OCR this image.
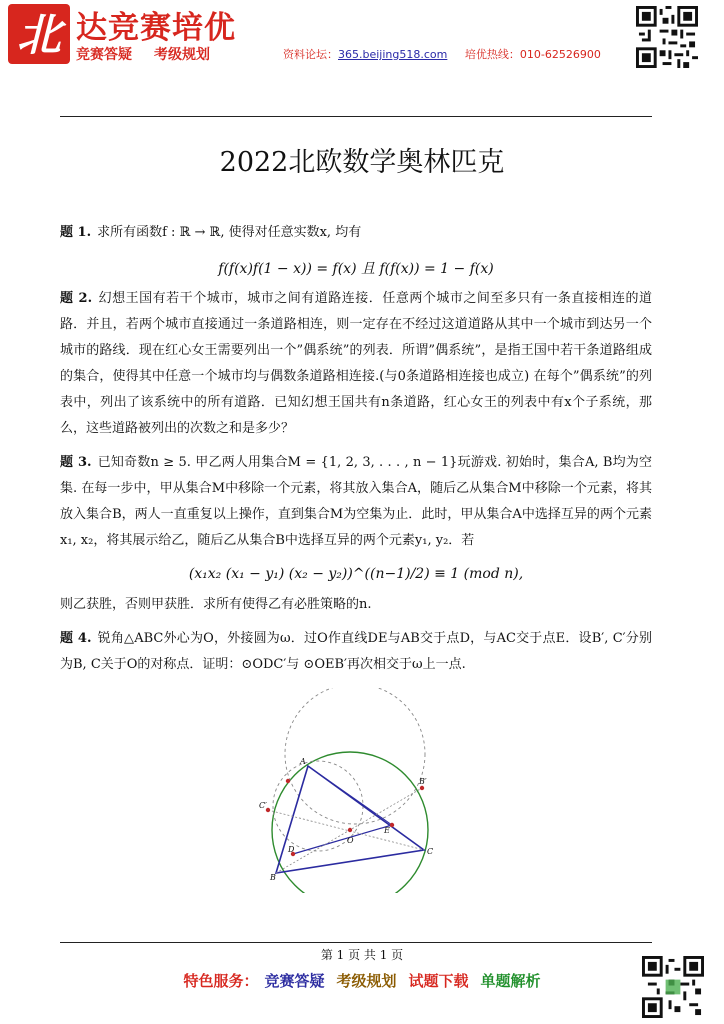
北 达竞赛培优
竞赛答疑 考级规划	资料论坛：365.beijing518.com 培优热线：010-62526900
2022北欧数学奥林匹克
题 1. 求所有函数f : ℝ → ℝ, 使得对任意实数x, 均有
f(f(x)f(1 − x)) = f(x) 且 f(f(x)) = 1 − f(x)
题 2. 幻想王国有若干个城市，城市之间有道路连接．任意两个城市之间至多只有一条直接相连的道路．并且，若两个城市直接通过一条道路相连，则一定存在不经过这道道路从其中一个城市到达另一个城市的路线．现在红心女王需要列出一个”偶系统”的列表．所谓”偶系统”，是指王国中若干条道路组成的集合，使得其中任意一个城市均与偶数条道路相连接.(与0条道路相连接也成立) 在每个”偶系统”的列表中，列出了该系统中的所有道路．已知幻想王国共有n条道路，红心女王的列表中有x个子系统，那么，这些道路被列出的次数之和是多少？
题 3. 已知奇数n ≥ 5. 甲乙两人用集合M = {1, 2, 3, . . . , n − 1}玩游戏. 初始时，集合A, B均为空集. 在每一步中，甲从集合M中移除一个元素，将其放入集合A，随后乙从集合M中移除一个元素，将其放入集合B，两人一直重复以上操作，直到集合M为空集为止．此时，甲从集合A中选择互异的两个元素x₁, x₂，将其展示给乙，随后乙从集合B中选择互异的两个元素y₁, y₂．若
(x₁x₂ (x₁ − y₁) (x₂ − y₂))^((n−1)/2) ≡ 1 (mod n),
则乙获胜，否则甲获胜．求所有使得乙有必胜策略的n.
题 4. 锐角△ABC外心为O，外接圆为ω．过O作直线DE与AB交于点D，与AC交于点E．设B′, C′分别为B, C关于O的对称点．证明：⊙ODC′与 ⊙OEB′再次相交于ω上一点.
A
B
C
D
E
O
B′
C′
第 1 页 共 1 页
特色服务： 竞赛答疑 考级规划 试题下载 单题解析
